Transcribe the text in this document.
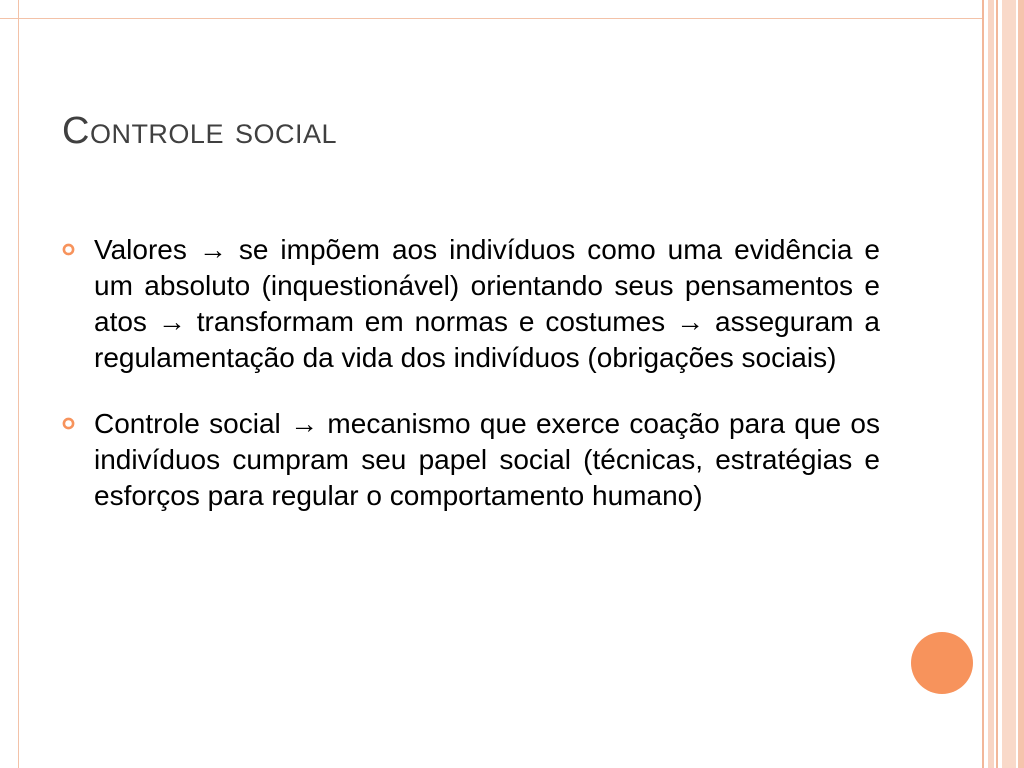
Controle social
Valores → se impõem aos indivíduos como uma evidência e um absoluto (inquestionável) orientando seus pensamentos e atos → transformam em normas e costumes → asseguram a regulamentação da vida dos indivíduos (obrigações sociais)
Controle social → mecanismo que exerce coação para que os indivíduos cumpram seu papel social (técnicas, estratégias e esforços para regular o comportamento humano)
